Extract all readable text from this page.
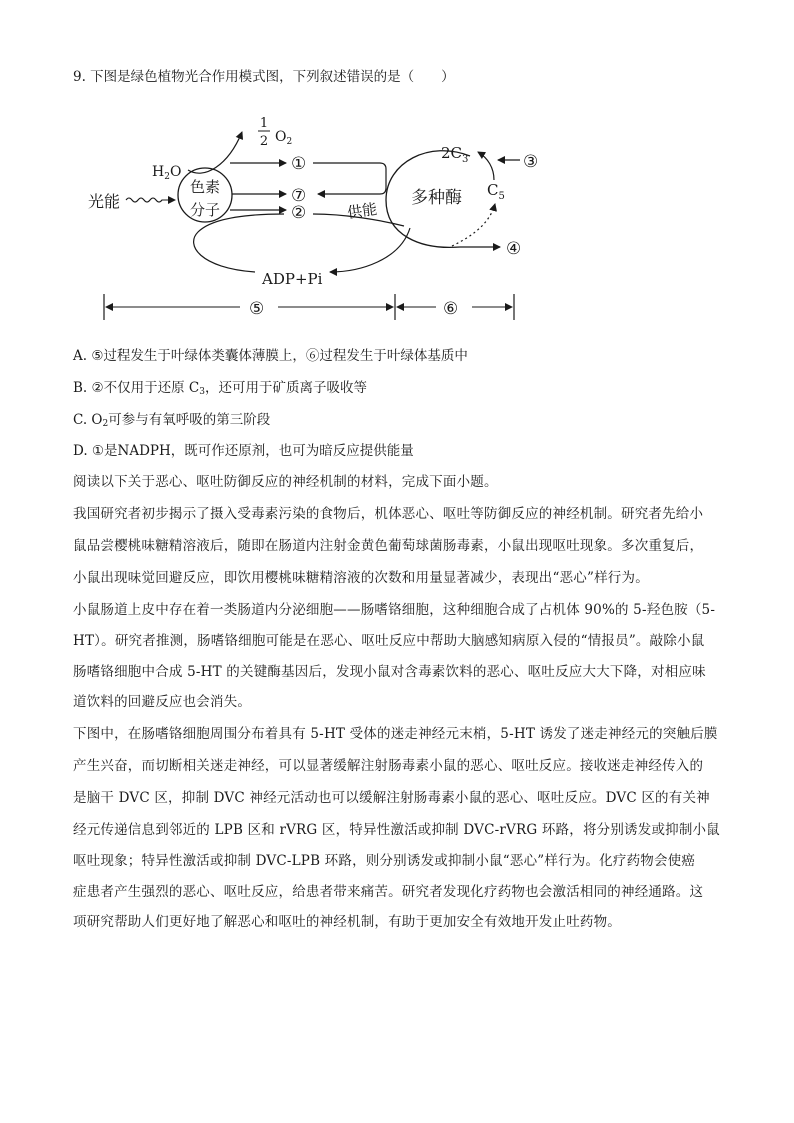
9. 下图是绿色植物光合作用模式图，下列叙述错误的是（　　）
光能
色素
分子
$H_2O$
1
2 $O_2$
①
⑦
②	供能
ADP+Pi
多种酶
$2C_3$	③
$C_5$
④
⑤	⑥
A. ⑤过程发生于叶绿体类囊体薄膜上，⑥过程发生于叶绿体基质中
B. ②不仅用于还原 $C_3$，还可用于矿质离子吸收等
C. $O_2$可参与有氧呼吸的第三阶段
D. ①是NADPH，既可作还原剂，也可为暗反应提供能量
阅读以下关于恶心、呕吐防御反应的神经机制的材料，完成下面小题。
我国研究者初步揭示了摄入受毒素污染的食物后，机体恶心、呕吐等防御反应的神经机制。研究者先给小
鼠品尝樱桃味糖精溶液后，随即在肠道内注射金黄色葡萄球菌肠毒素，小鼠出现呕吐现象。多次重复后，
小鼠出现味觉回避反应，即饮用樱桃味糖精溶液的次数和用量显著减少，表现出“恶心”样行为。
小鼠肠道上皮中存在着一类肠道内分泌细胞——肠嗜铬细胞，这种细胞合成了占机体 90%的 5-羟色胺（5-
HT）。研究者推测，肠嗜铬细胞可能是在恶心、呕吐反应中帮助大脑感知病原入侵的“情报员”。敲除小鼠
肠嗜铬细胞中合成 5-HT 的关键酶基因后，发现小鼠对含毒素饮料的恶心、呕吐反应大大下降，对相应味
道饮料的回避反应也会消失。
下图中，在肠嗜铬细胞周围分布着具有 5-HT 受体的迷走神经元末梢，5-HT 诱发了迷走神经元的突触后膜
产生兴奋，而切断相关迷走神经，可以显著缓解注射肠毒素小鼠的恶心、呕吐反应。接收迷走神经传入的
是脑干 DVC 区，抑制 DVC 神经元活动也可以缓解注射肠毒素小鼠的恶心、呕吐反应。DVC 区的有关神
经元传递信息到邻近的 LPB 区和 rVRG 区，特异性激活或抑制 DVC-rVRG 环路，将分别诱发或抑制小鼠
呕吐现象；特异性激活或抑制 DVC-LPB 环路，则分别诱发或抑制小鼠“恶心”样行为。化疗药物会使癌
症患者产生强烈的恶心、呕吐反应，给患者带来痛苦。研究者发现化疗药物也会激活相同的神经通路。这
项研究帮助人们更好地了解恶心和呕吐的神经机制，有助于更加安全有效地开发止吐药物。
